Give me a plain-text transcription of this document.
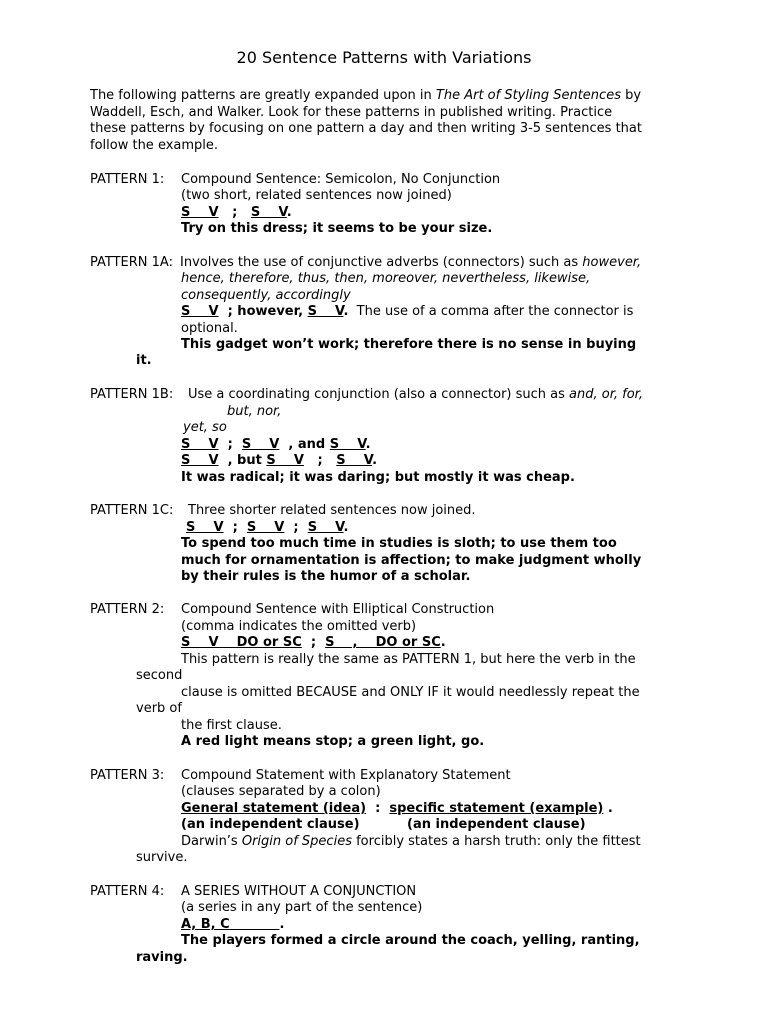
20 Sentence Patterns with Variations
The following patterns are greatly expanded upon in The Art of Styling Sentences by
Waddell, Esch, and Walker. Look for these patterns in published writing. Practice
these patterns by focusing on one pattern a day and then writing 3-5 sentences that
follow the example.
PATTERN 1: Compound Sentence: Semicolon, No Conjunction
(two short, related sentences now joined)
S    V ; S    V.
Try on this dress; it seems to be your size.
PATTERN 1A: Involves the use of conjunctive adverbs (connectors) such as however,
hence, therefore, thus, then, moreover, nevertheless, likewise,
consequently, accordingly
S    V  ; however, S    V.  The use of a comma after the connector is
optional.
This gadget won’t work; therefore there is no sense in buying
it.
PATTERN 1B: Use a coordinating conjunction (also a connector) such as and, or, for,
but, nor,
yet, so
S    V  ;  S    V  , and S    V.
S    V  , but S    V   ;   S    V.
It was radical; it was daring; but mostly it was cheap.
PATTERN 1C: Three shorter related sentences now joined.
S    V  ;  S    V  ;  S    V.
To spend too much time in studies is sloth; to use them too
much for ornamentation is affection; to make judgment wholly
by their rules is the humor of a scholar.
PATTERN 2: Compound Sentence with Elliptical Construction
(comma indicates the omitted verb)
S    V    DO or SC  ;  S    ,    DO or SC.
This pattern is really the same as PATTERN 1, but here the verb in the
second
clause is omitted BECAUSE and ONLY IF it would needlessly repeat the
verb of
the first clause.
A red light means stop; a green light, go.
PATTERN 3: Compound Statement with Explanatory Statement
(clauses separated by a colon)
General statement (idea)  :  specific statement (example) .
(an independent clause)	(an independent clause)
Darwin’s Origin of Species forcibly states a harsh truth: only the fittest
survive.
PATTERN 4: A SERIES WITHOUT A CONJUNCTION
(a series in any part of the sentence)
A, B, C	.
The players formed a circle around the coach, yelling, ranting,
raving.
